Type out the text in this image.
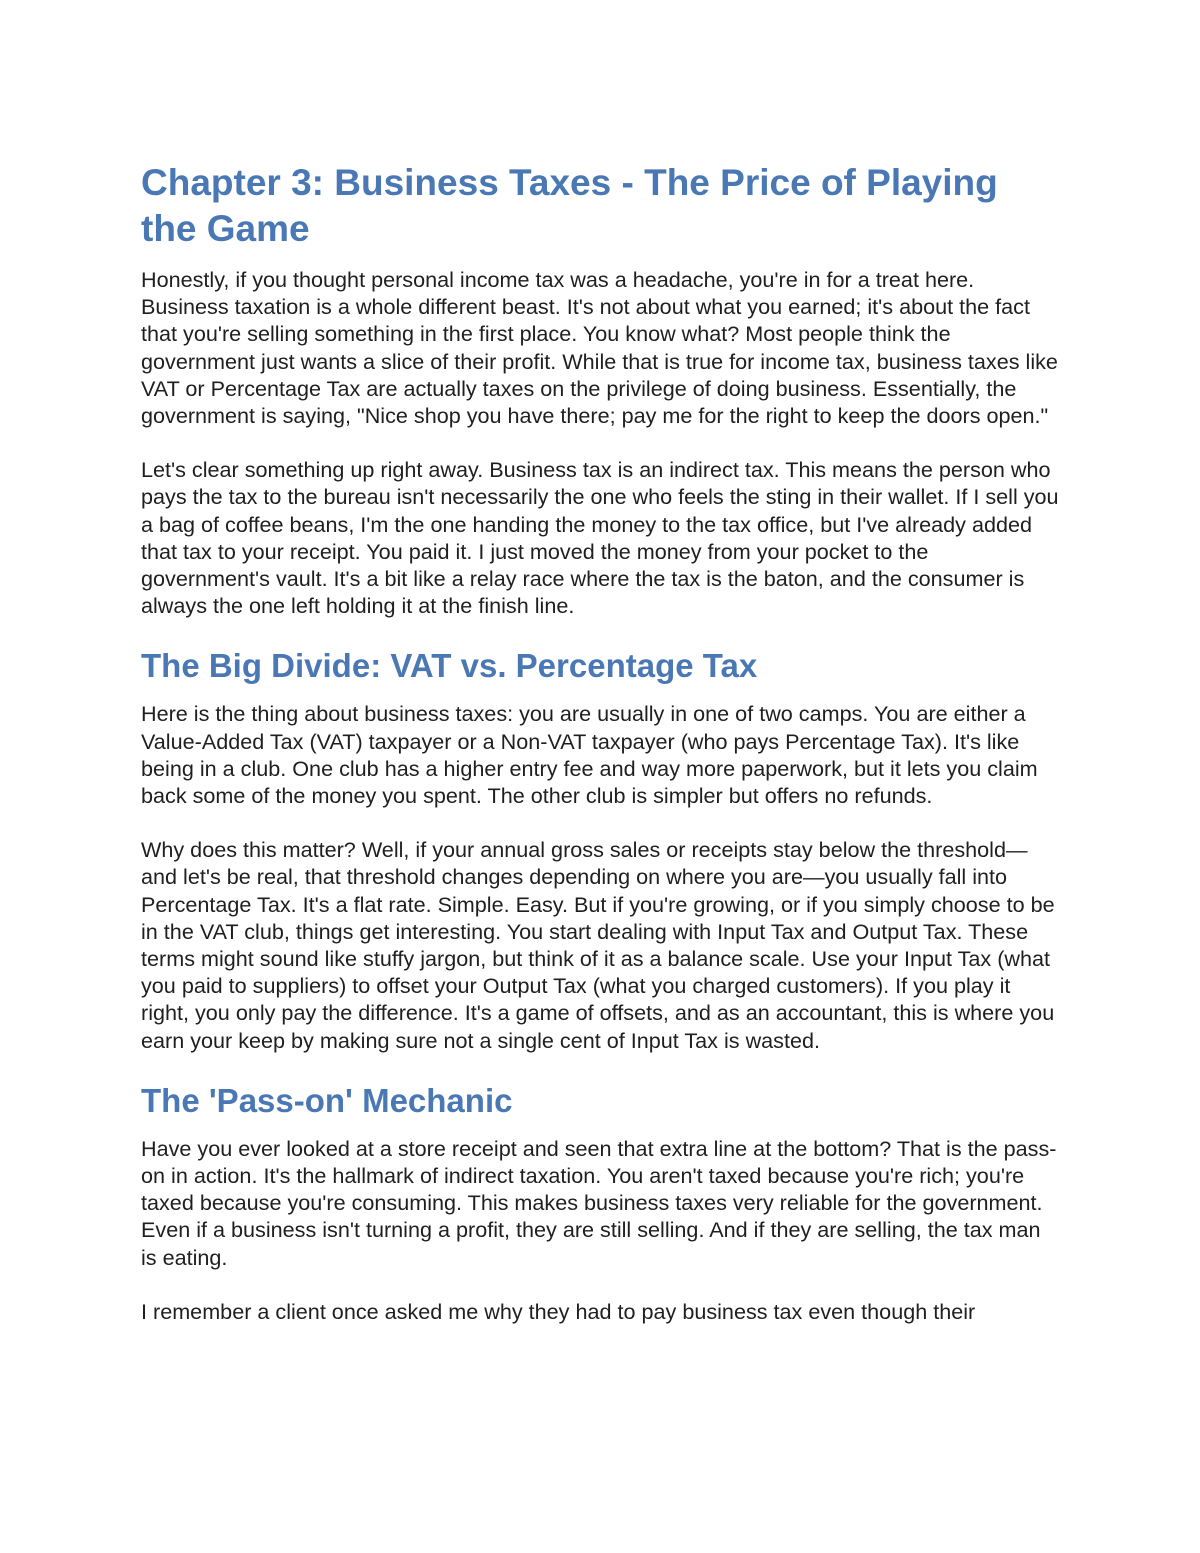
Chapter 3: Business Taxes - The Price of Playing the Game

Honestly, if you thought personal income tax was a headache, you're in for a treat here. Business taxation is a whole different beast. It's not about what you earned; it's about the fact that you're selling something in the first place. You know what? Most people think the government just wants a slice of their profit. While that is true for income tax, business taxes like VAT or Percentage Tax are actually taxes on the privilege of doing business. Essentially, the government is saying, "Nice shop you have there; pay me for the right to keep the doors open."

Let's clear something up right away. Business tax is an indirect tax. This means the person who pays the tax to the bureau isn't necessarily the one who feels the sting in their wallet. If I sell you a bag of coffee beans, I'm the one handing the money to the tax office, but I've already added that tax to your receipt. You paid it. I just moved the money from your pocket to the government's vault. It's a bit like a relay race where the tax is the baton, and the consumer is always the one left holding it at the finish line.

The Big Divide: VAT vs. Percentage Tax

Here is the thing about business taxes: you are usually in one of two camps. You are either a Value-Added Tax (VAT) taxpayer or a Non-VAT taxpayer (who pays Percentage Tax). It's like being in a club. One club has a higher entry fee and way more paperwork, but it lets you claim back some of the money you spent. The other club is simpler but offers no refunds.

Why does this matter? Well, if your annual gross sales or receipts stay below the threshold—and let's be real, that threshold changes depending on where you are—you usually fall into Percentage Tax. It's a flat rate. Simple. Easy. But if you're growing, or if you simply choose to be in the VAT club, things get interesting. You start dealing with Input Tax and Output Tax. These terms might sound like stuffy jargon, but think of it as a balance scale. Use your Input Tax (what you paid to suppliers) to offset your Output Tax (what you charged customers). If you play it right, you only pay the difference. It's a game of offsets, and as an accountant, this is where you earn your keep by making sure not a single cent of Input Tax is wasted.

The 'Pass-on' Mechanic

Have you ever looked at a store receipt and seen that extra line at the bottom? That is the pass-on in action. It's the hallmark of indirect taxation. You aren't taxed because you're rich; you're taxed because you're consuming. This makes business taxes very reliable for the government. Even if a business isn't turning a profit, they are still selling. And if they are selling, the tax man is eating.

I remember a client once asked me why they had to pay business tax even though their
